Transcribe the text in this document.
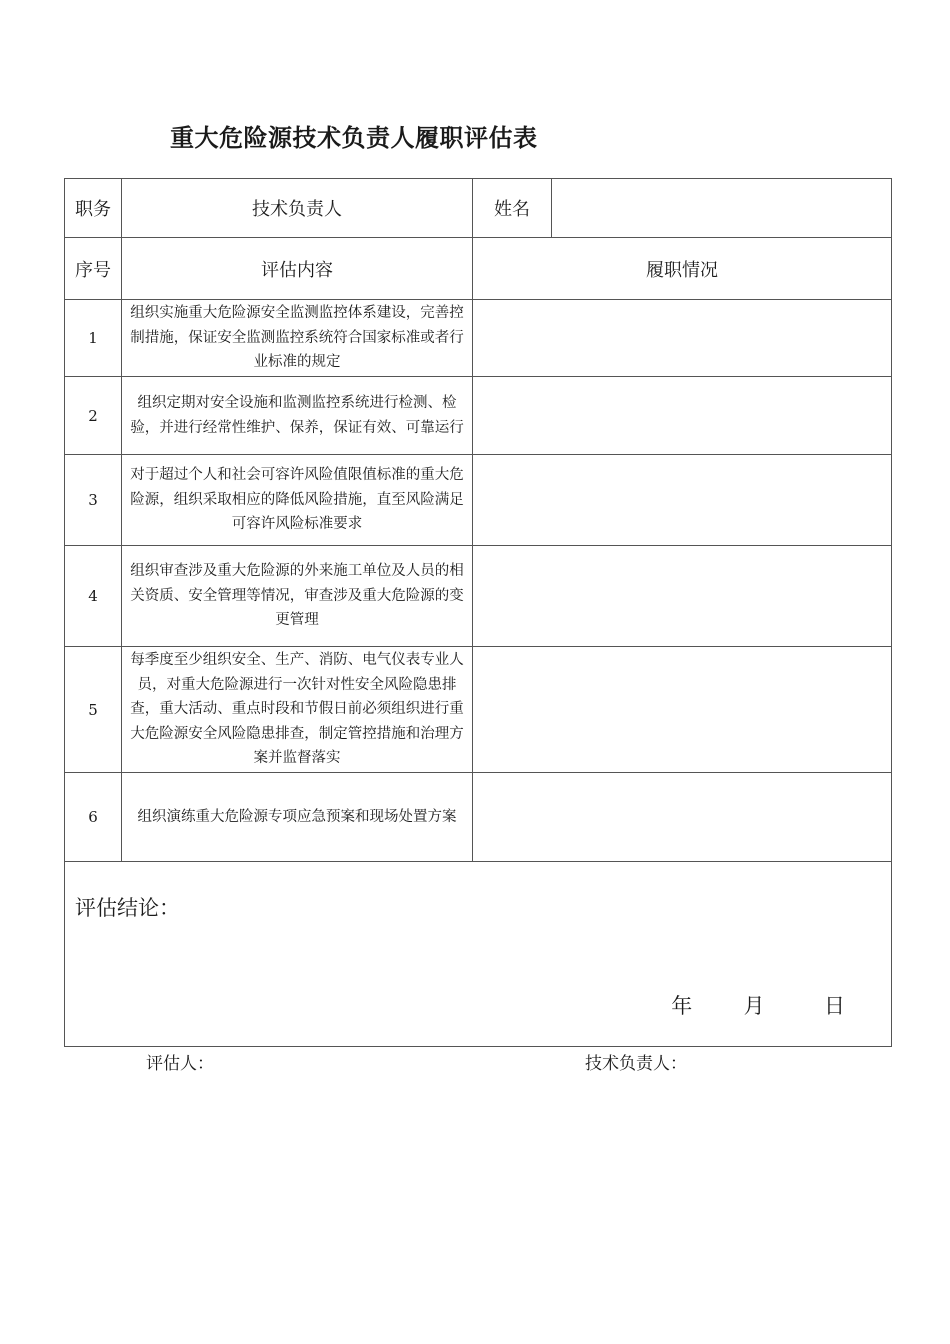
重大危险源技术负责人履职评估表
职务	技术负责人	姓名	
序号	评估内容	履职情况	
1	组织实施重大危险源安全监测监控体系建设，完善控制措施，保证安全监测监控系统符合国家标准或者行业标准的规定		
2	组织定期对安全设施和监测监控系统进行检测、检验，并进行经常性维护、保养，保证有效、可靠运行		
3	对于超过个人和社会可容许风险值限值标准的重大危险源，组织采取相应的降低风险措施，直至风险满足可容许风险标准要求		
4	组织审查涉及重大危险源的外来施工单位及人员的相关资质、安全管理等情况，审查涉及重大危险源的变更管理		
5	每季度至少组织安全、生产、消防、电气仪表专业人员，对重大危险源进行一次针对性安全风险隐患排查，重大活动、重点时段和节假日前必须组织进行重大危险源安全风险隐患排查，制定管控措施和治理方案并监督落实		
6	组织演练重大危险源专项应急预案和现场处置方案		

评估结论：
年 月 日			
评估人：	技术负责人：
